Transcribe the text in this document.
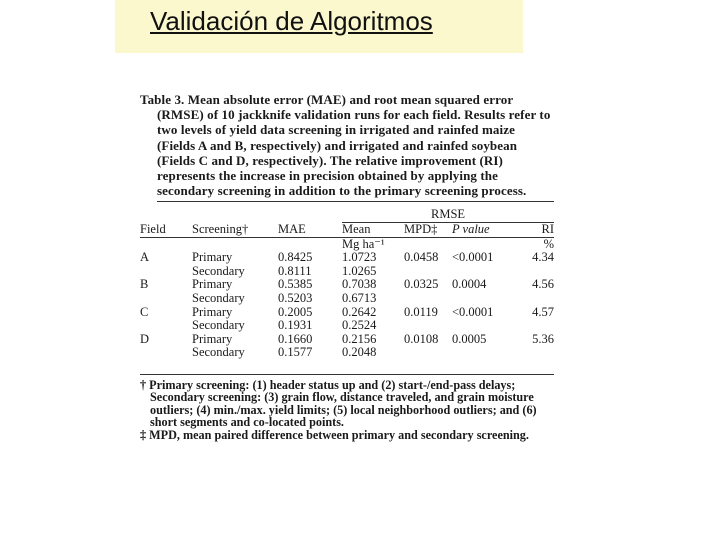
Validación de Algoritmos

Table 3. Mean absolute error (MAE) and root mean squared error (RMSE) of 10 jackknife validation runs for each field. Results refer to two levels of yield data screening in irrigated and rainfed maize (Fields A and B, respectively) and irrigated and rainfed soybean (Fields C and D, respectively). The relative improvement (RI) represents the increase in precision obtained by applying the secondary screening in addition to the primary screening process.

			RMSE			
Field	Screening†	MAE	Mean	MPD‡	P value	RI
			Mg ha⁻¹			%
A	Primary	0.8425	1.0723	0.0458	<0.0001	4.34
	Secondary	0.8111	1.0265			
B	Primary	0.5385	0.7038	0.0325	0.0004	4.56
	Secondary	0.5203	0.6713			
C	Primary	0.2005	0.2642	0.0119	<0.0001	4.57
	Secondary	0.1931	0.2524			
D	Primary	0.1660	0.2156	0.0108	0.0005	5.36
	Secondary	0.1577	0.2048			

† Primary screening: (1) header status up and (2) start-/end-pass delays; Secondary screening: (3) grain flow, distance traveled, and grain moisture outliers; (4) min./max. yield limits; (5) local neighborhood outliers; and (6) short segments and co-located points.

‡ MPD, mean paired difference between primary and secondary screening.
